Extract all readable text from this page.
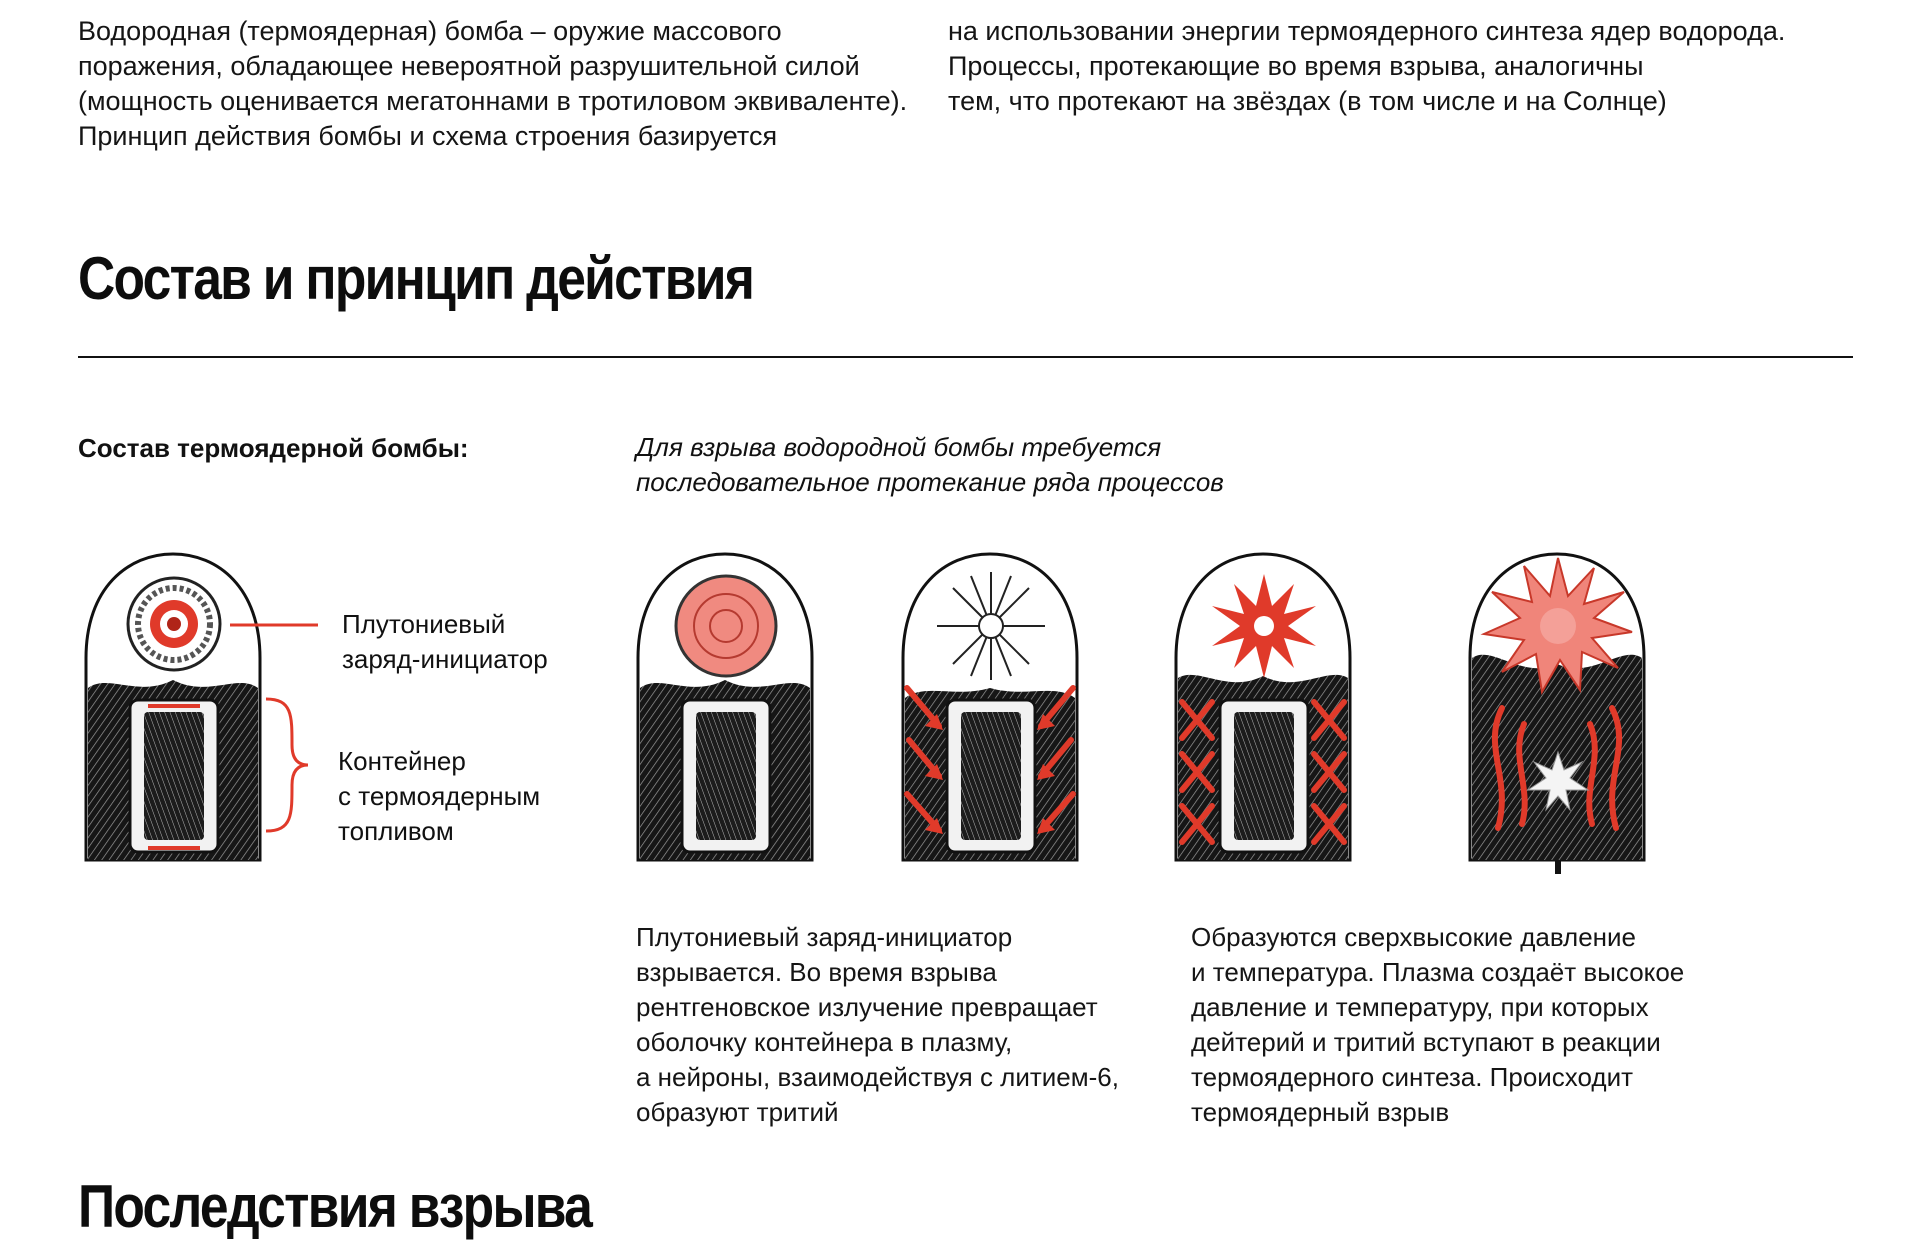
Водородная (термоядерная) бомба – оружие массового

поражения, обладающее невероятной разрушительной силой

(мощность оценивается мегатоннами в тротиловом эквиваленте).

Принцип действия бомбы и схема строения базируется

на использовании энергии термоядерного синтеза ядер водорода.

Процессы, протекающие во время взрыва, аналогичны

тем, что протекают на звёздах (в том числе и на Солнце)

Состав и принцип действия
Состав термоядерной бомбы:	Для взрыва водородной бомбы требуется

последовательное протекание ряда процессов

Плутониевый

заряд-инициатор

Контейнер

с термоядерным

топливом

Плутониевый заряд-инициатор

взрывается. Во время взрыва

рентгеновское излучение превращает

оболочку контейнера в плазму,

а нейроны, взаимодействуя с литием-6,

образуют тритий

Образуются сверхвысокие давление

и температура. Плазма создаёт высокое

давление и температуру, при которых

дейтерий и тритий вступают в реакции

термоядерного синтеза. Происходит

термоядерный взрыв

Последствия взрыва
